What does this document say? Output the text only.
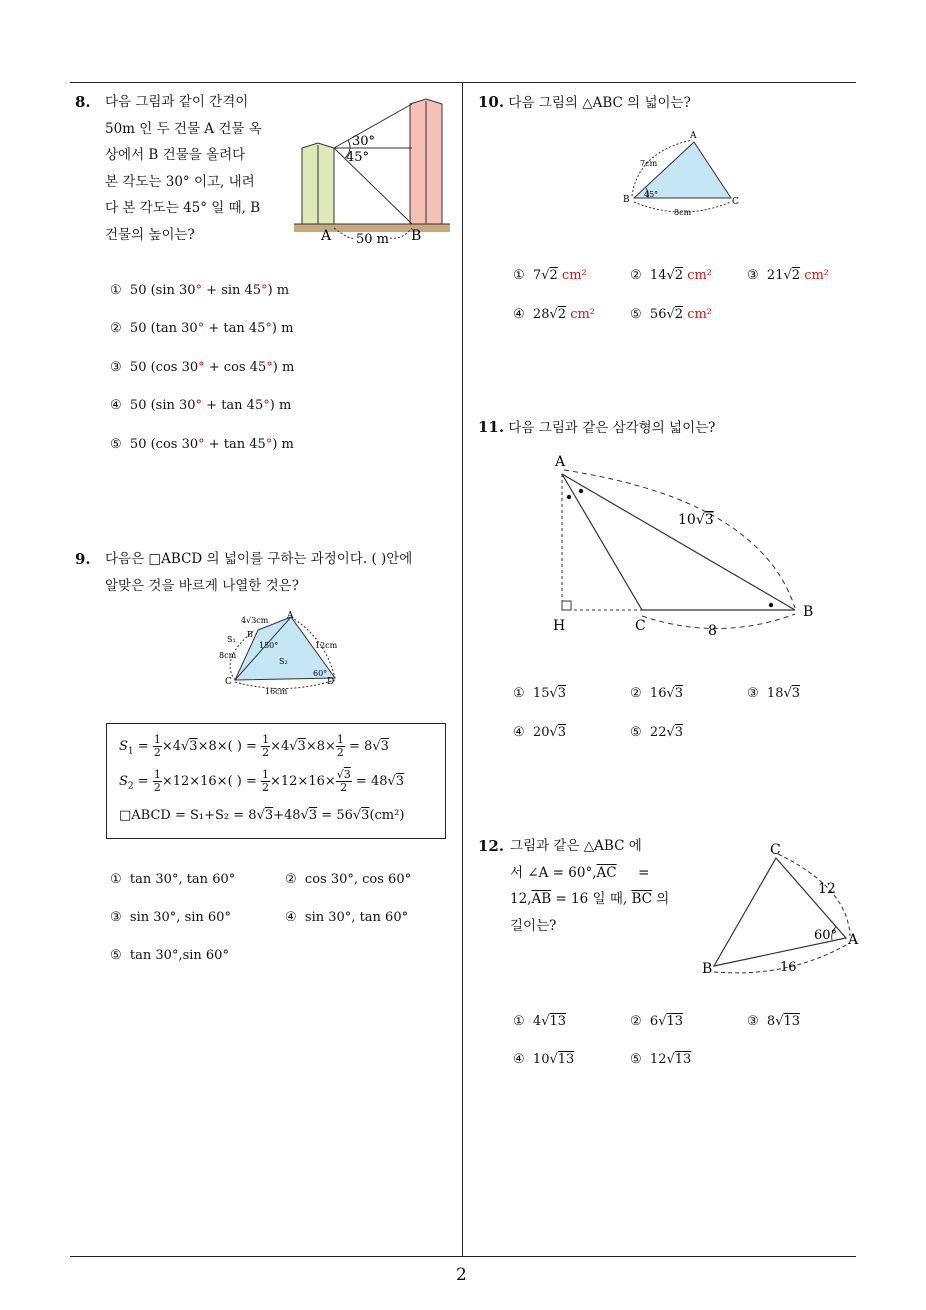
2
8. 다음 그림과 같이 간격이
50m 인 두 건물 A 건물 옥
상에서 B 건물을 올려다
본 각도는 30° 이고, 내려
다 본 각도는 45° 일 때, B
건물의 높이는?
30°
45°
A	B
50 m
① 50 (sin 30° + sin 45°) m
② 50 (tan 30° + tan 45°) m
③ 50 (cos 30° + cos 45°) m
④ 50 (sin 30° + tan 45°) m
⑤ 50 (cos 30° + tan 45°) m
9. 다음은 □ABCD 의 넓이를 구하는 과정이다. ( )안에
알맞은 것을 바르게 나열한 것은?
4√3cm A
B
S₁
8cm
150°
S₂
12cm
C
60°
D
16cm
$S_1 = \frac{1}{2} \times 4√3\times 8\times$( ) = $\frac{1}{2} \times 4√3\times 8\times \frac{1}{2} = 8√3$
$S_2 = \frac{1}{2} \times 12\times 16\times$( ) = $\frac{1}{2} \times 12\times 16\times \frac{√3}{2} = 48√3$
□ABCD = S₁+S₂ = 8√3+48√3 = 56√3(cm²)
① tan 30°, tan 60°	② cos 30°, cos 60°
③ sin 30°, sin 60°	④ sin 30°, tan 60°
⑤ tan 30°,sin 60°
10. 다음 그림의 △ABC 의 넓이는?
A
B	C
7cm
45°
8cm
① 7√2 cm²	② 14√2 cm²	③ 21√2 cm²
④ 28√2 cm²	⑤ 56√2 cm²
11. 다음 그림과 같은 삼각형의 넓이는?
A
H	C
B
10√3
8
① 15√3	② 16√3	③ 18√3
④ 20√3	⑤ 22√3
12. 그림과 같은 △ABC 에
서 ∠A = $60^\circ,\overline{AC}$ =
$12,\overline{AB} = 16$ 일 때, $\overline{BC}$ 의
길이는?
C
B
A
12
60°
16
① 4√13	② 6√13	③ 8√13
④ 10√13	⑤ 12√13
